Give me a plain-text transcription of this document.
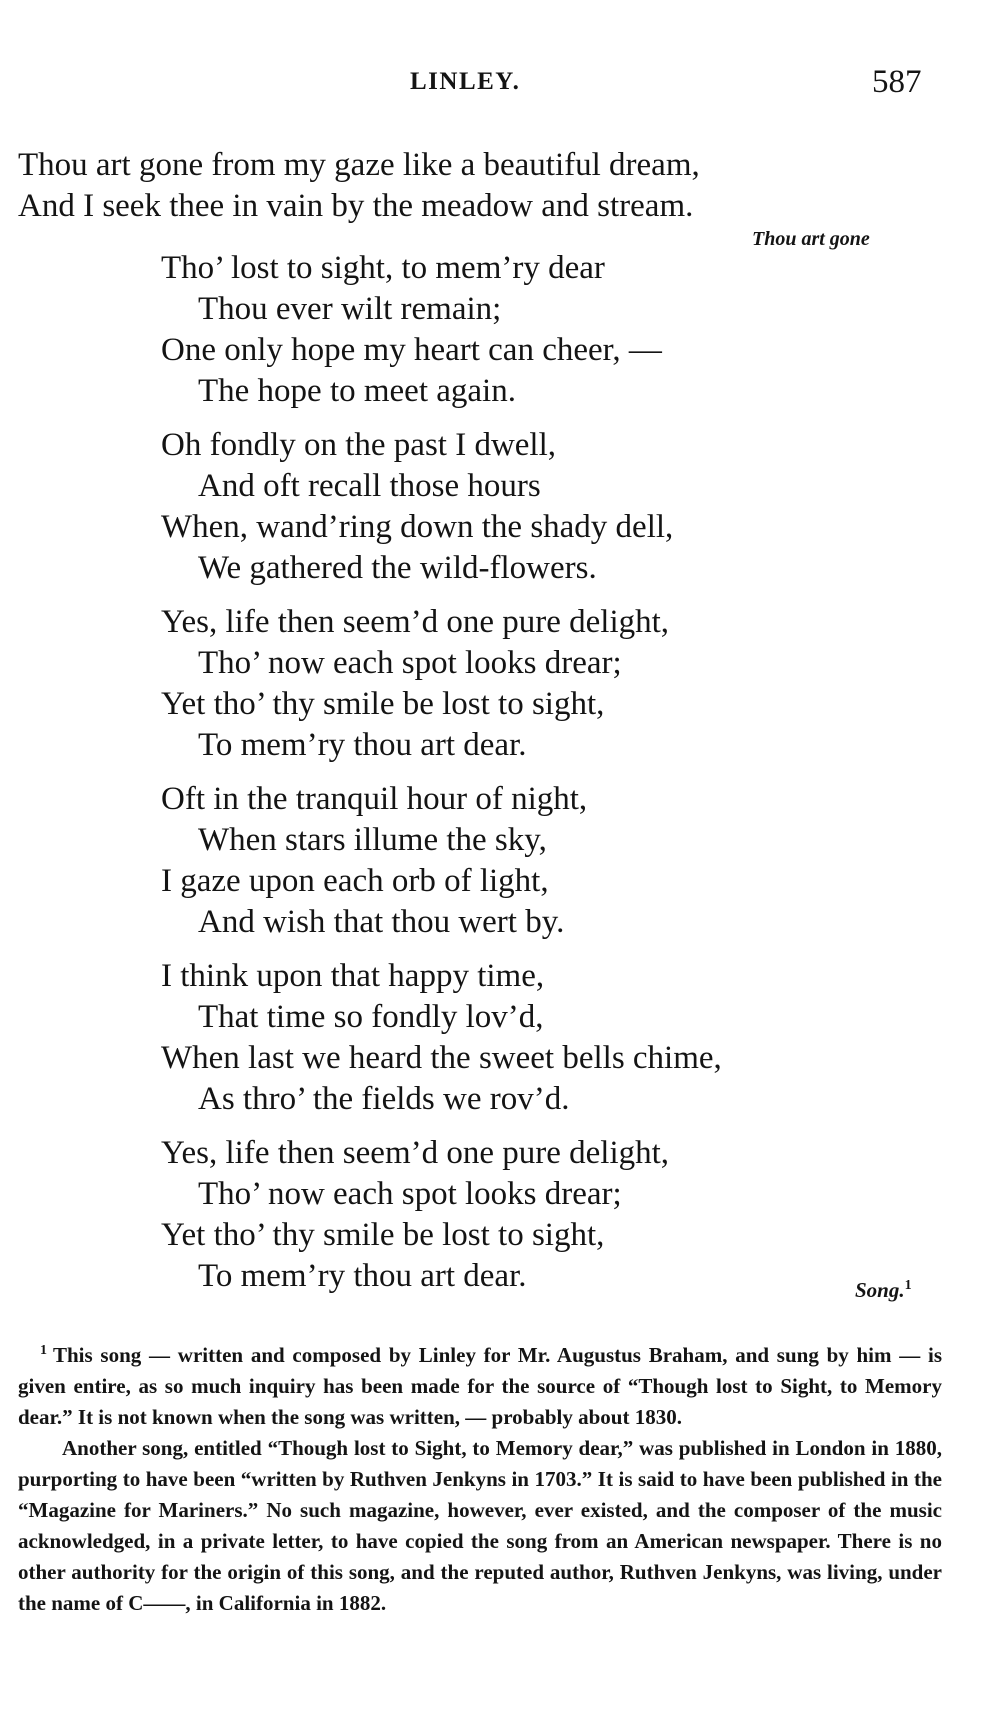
LINLEY.	587
Thou art gone from my gaze like a beautiful dream,
And I seek thee in vain by the meadow and stream.
Thou art gone
Tho’ lost to sight, to mem’ry dear
Thou ever wilt remain;
One only hope my heart can cheer, —
The hope to meet again.
Oh fondly on the past I dwell,
And oft recall those hours
When, wand’ring down the shady dell,
We gathered the wild-flowers.
Yes, life then seem’d one pure delight,
Tho’ now each spot looks drear;
Yet tho’ thy smile be lost to sight,
To mem’ry thou art dear.
Oft in the tranquil hour of night,
When stars illume the sky,
I gaze upon each orb of light,
And wish that thou wert by.
I think upon that happy time,
That time so fondly lov’d,
When last we heard the sweet bells chime,
As thro’ the fields we rov’d.
Yes, life then seem’d one pure delight,
Tho’ now each spot looks drear;
Yet tho’ thy smile be lost to sight,
To mem’ry thou art dear.	Song.$^1$

$^1$ This song — written and composed by Linley for Mr. Augustus Braham, and sung by him — is given entire, as so much inquiry has been made for the source of “Though lost to Sight, to Memory dear.” It is not known when the song was written, — probably about 1830.

Another song, entitled “Though lost to Sight, to Memory dear,” was published in London in 1880, purporting to have been “written by Ruthven Jenkyns in 1703.” It is said to have been published in the “Magazine for Mariners.” No such magazine, however, ever existed, and the composer of the music acknowledged, in a private letter, to have copied the song from an American newspaper. There is no other authority for the origin of this song, and the reputed author, Ruthven Jenkyns, was living, under the name of C——, in California in 1882.
